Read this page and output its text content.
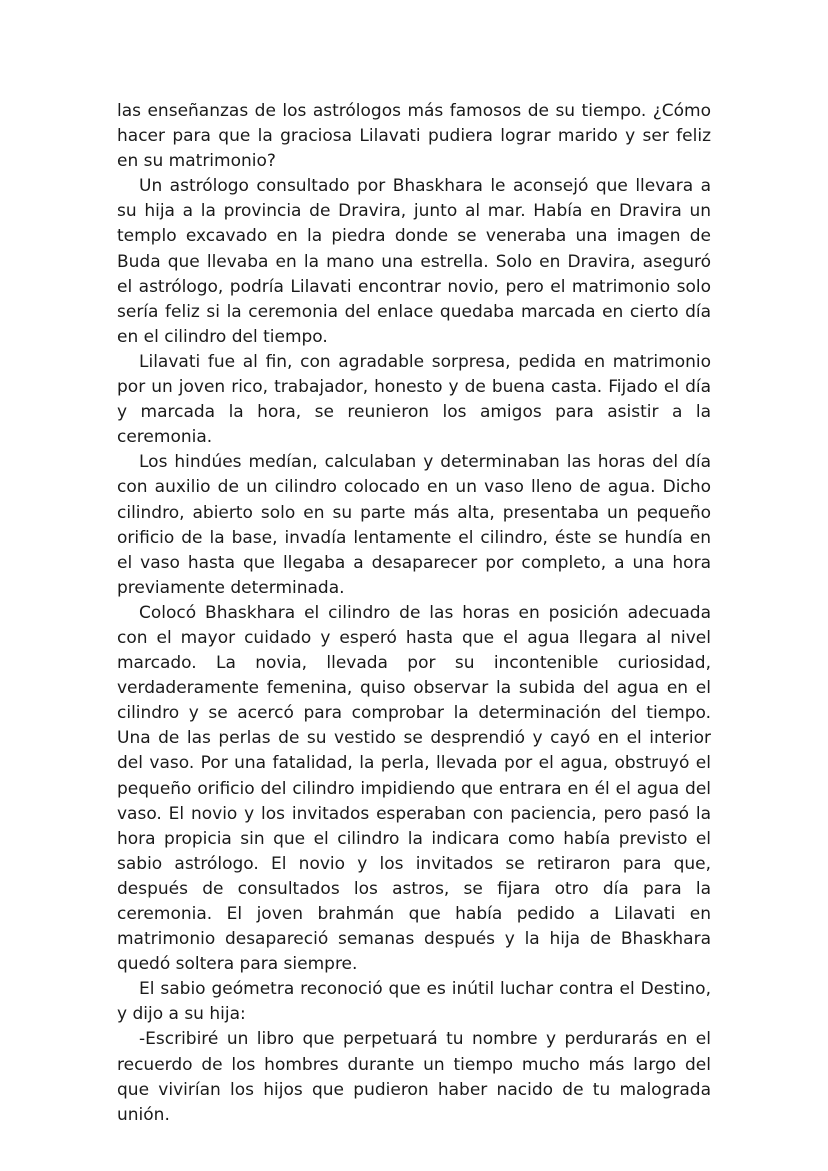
las enseñanzas de los astrólogos más famosos de su tiempo. ¿Cómo hacer para que la graciosa Lilavati pudiera lograr marido y ser feliz en su matrimonio?

Un astrólogo consultado por Bhaskhara le aconsejó que llevara a su hija a la provincia de Dravira, junto al mar. Había en Dravira un templo excavado en la piedra donde se veneraba una imagen de Buda que llevaba en la mano una estrella. Solo en Dravira, aseguró el astrólogo, podría Lilavati encontrar novio, pero el matrimonio solo sería feliz si la ceremonia del enlace quedaba marcada en cierto día en el cilindro del tiempo.

Lilavati fue al fin, con agradable sorpresa, pedida en matrimonio por un joven rico, trabajador, honesto y de buena casta. Fijado el día y marcada la hora, se reunieron los amigos para asistir a la ceremonia.

Los hindúes medían, calculaban y determinaban las horas del día con auxilio de un cilindro colocado en un vaso lleno de agua. Dicho cilindro, abierto solo en su parte más alta, presentaba un pequeño orificio de la base, invadía lentamente el cilindro, éste se hundía en el vaso hasta que llegaba a desaparecer por completo, a una hora previamente determinada.

Colocó Bhaskhara el cilindro de las horas en posición adecuada con el mayor cuidado y esperó hasta que el agua llegara al nivel marcado. La novia, llevada por su incontenible curiosidad, verdaderamente femenina, quiso observar la subida del agua en el cilindro y se acercó para comprobar la determinación del tiempo. Una de las perlas de su vestido se desprendió y cayó en el interior del vaso. Por una fatalidad, la perla, llevada por el agua, obstruyó el pequeño orificio del cilindro impidiendo que entrara en él el agua del vaso. El novio y los invitados esperaban con paciencia, pero pasó la hora propicia sin que el cilindro la indicara como había previsto el sabio astrólogo. El novio y los invitados se retiraron para que, después de consultados los astros, se fijara otro día para la ceremonia. El joven brahmán que había pedido a Lilavati en matrimonio desapareció semanas después y la hija de Bhaskhara quedó soltera para siempre.

El sabio geómetra reconoció que es inútil luchar contra el Destino, y dijo a su hija:

-Escribiré un libro que perpetuará tu nombre y perdurarás en el recuerdo de los hombres durante un tiempo mucho más largo del que vivirían los hijos que pudieron haber nacido de tu malograda unión.
